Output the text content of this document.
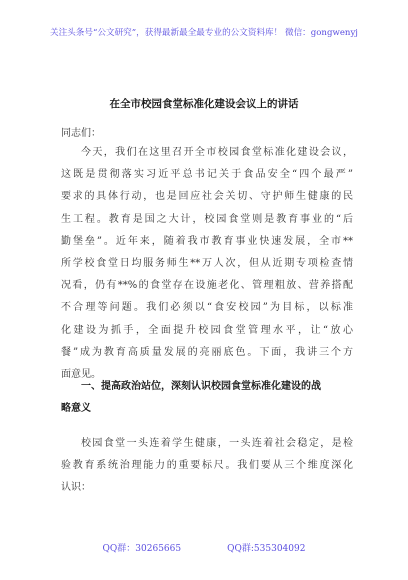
关注头条号“公文研究”，获得最新最全最专业的公文资料库！ 微信：gongwenyj
在全市校园食堂标准化建设会议上的讲话
同志们：
今天，我们在这里召开全市校园食堂标准化建设会议，
这既是贯彻落实习近平总书记关于食品安全“四个最严”
要求的具体行动，也是回应社会关切、守护师生健康的民
生工程。教育是国之大计，校园食堂则是教育事业的“后
勤堡垒”。近年来，随着我市教育事业快速发展，全市**
所学校食堂日均服务师生**万人次，但从近期专项检查情
况看，仍有**%的食堂存在设施老化、管理粗放、营养搭配
不合理等问题。我们必须以“食安校园”为目标，以标准
化建设为抓手，全面提升校园食堂管理水平，让“放心
餐”成为教育高质量发展的亮丽底色。下面，我讲三个方
面意见。
一、提高政治站位，深刻认识校园食堂标准化建设的战
略意义
校园食堂一头连着学生健康，一头连着社会稳定，是检
验教育系统治理能力的重要标尺。我们要从三个维度深化
认识：
QQ群：30265665	QQ群:535304092
